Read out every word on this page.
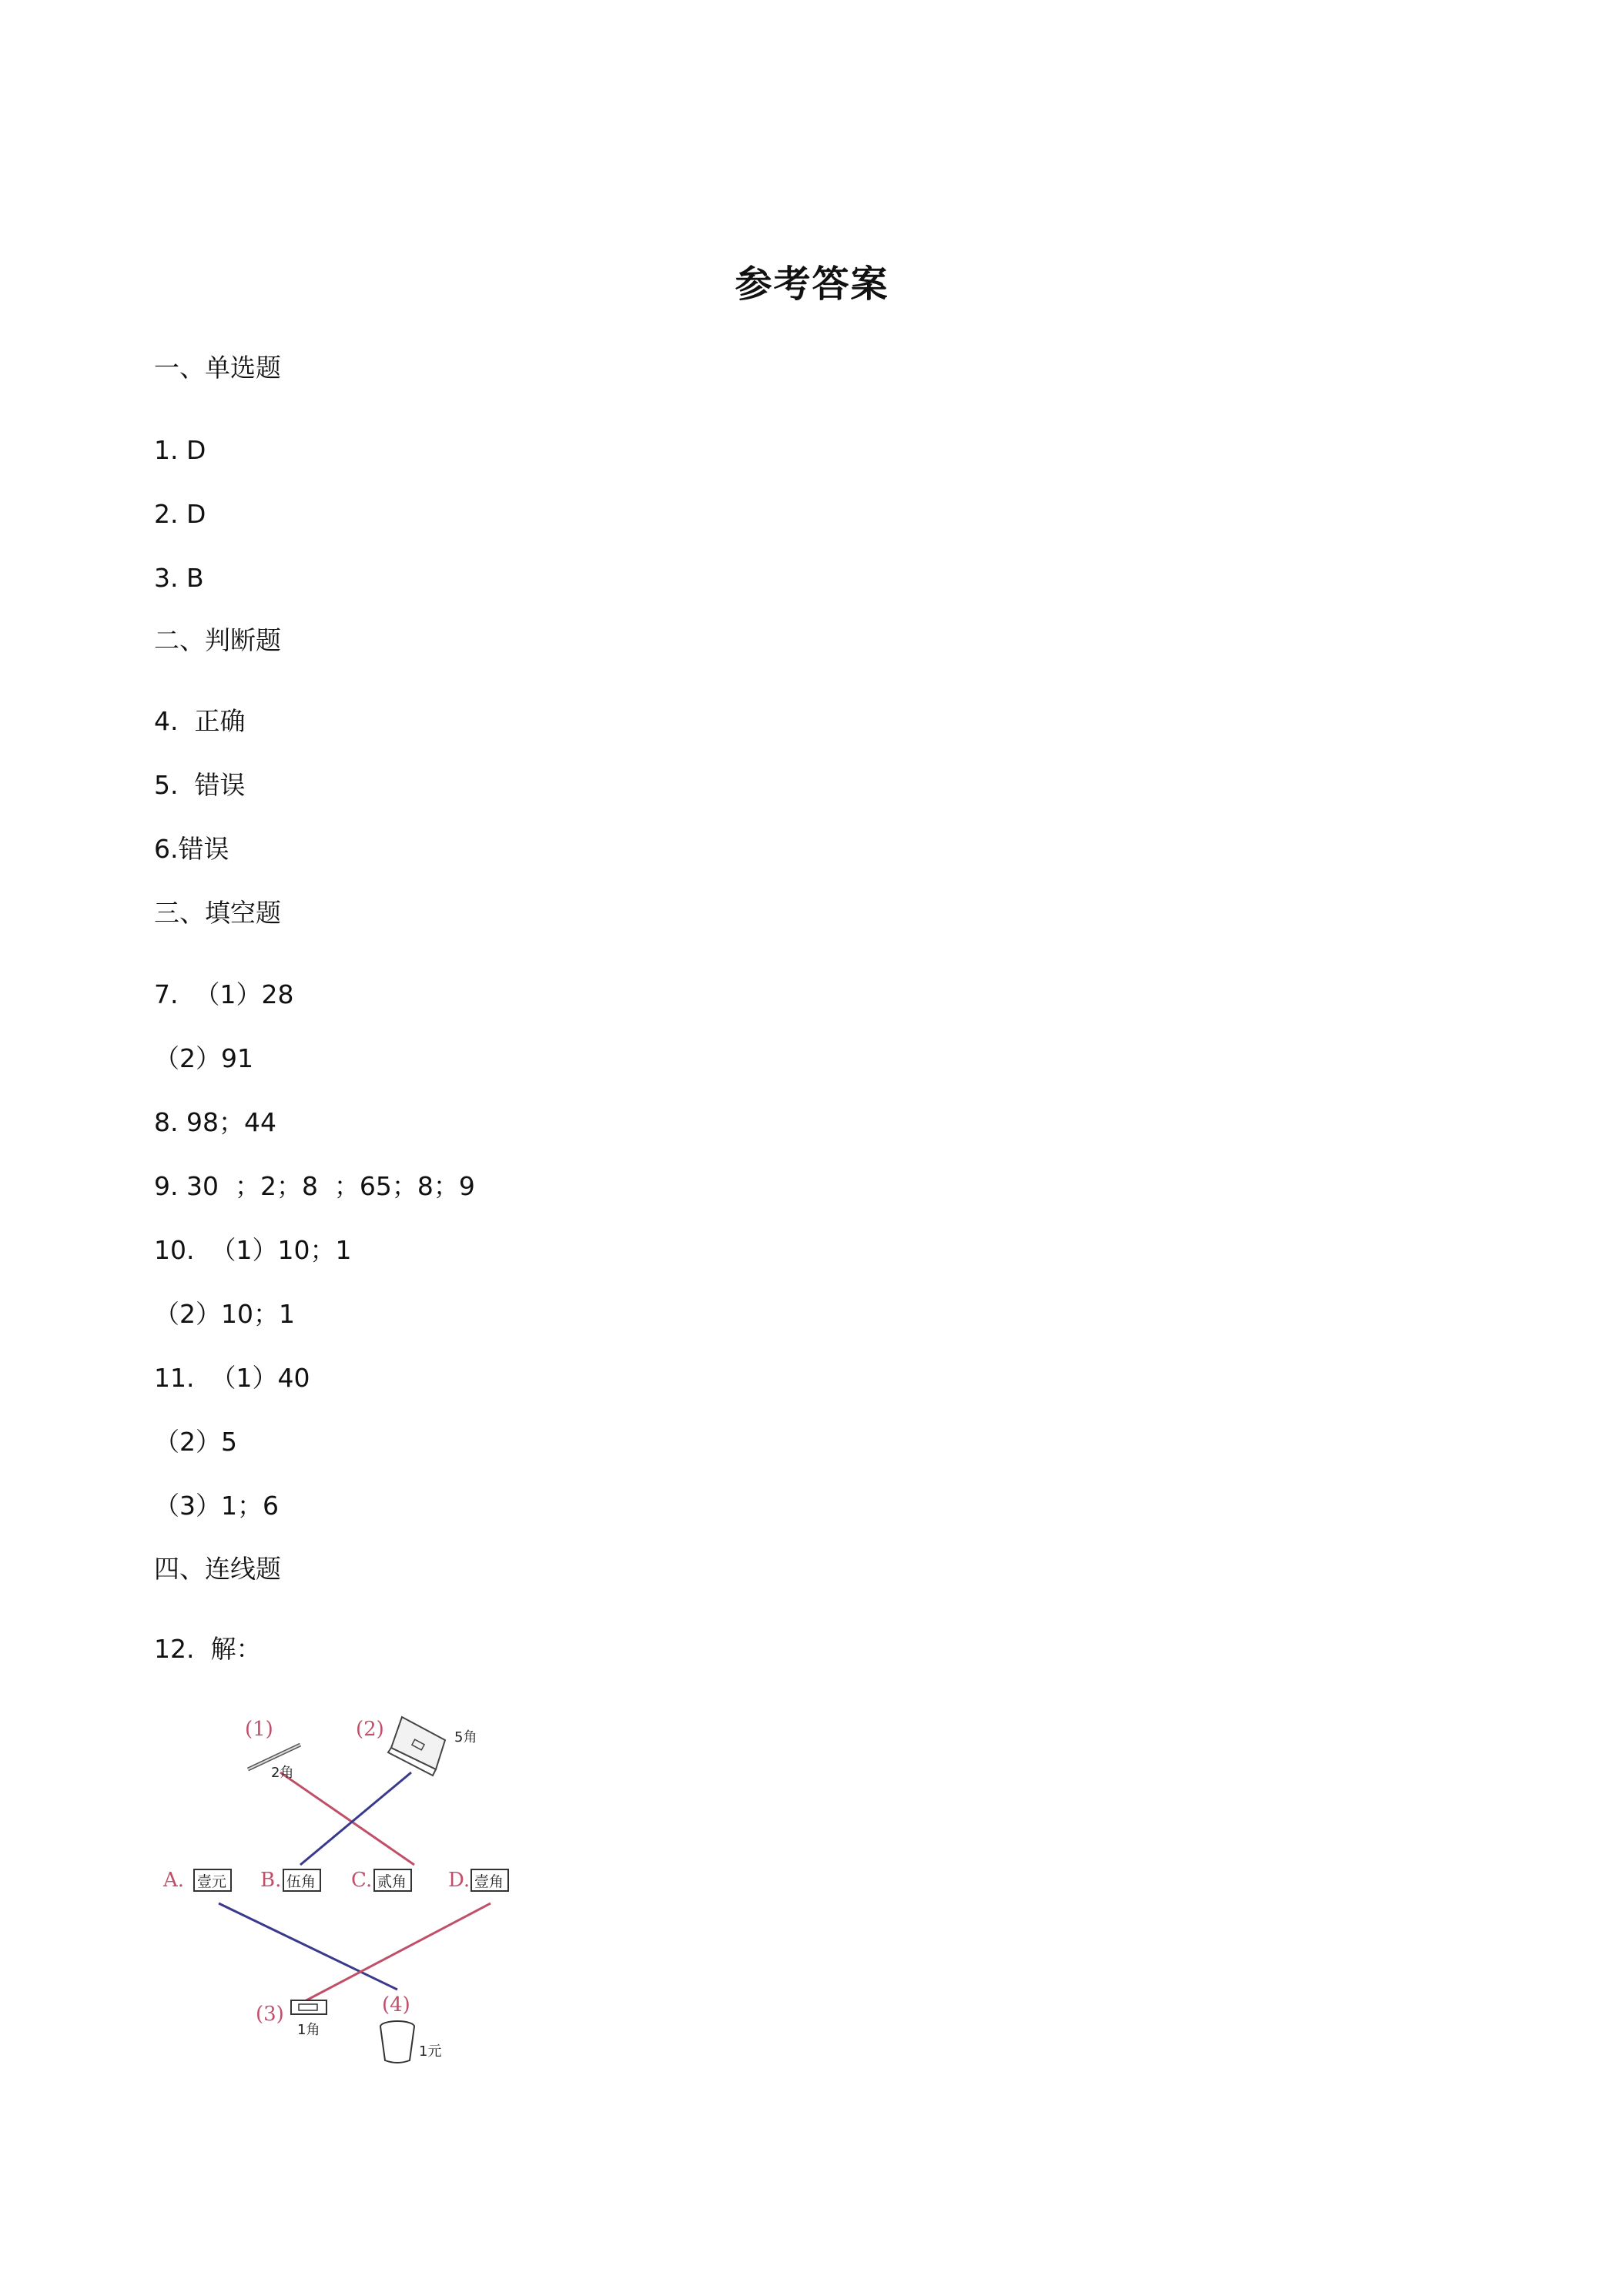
参考答案
一、单选题
1. D
2. D
3. B
二、判断题
4.  正确
5.  错误
6.错误
三、填空题
7.  （1）28
（2）91
8. 98；44
9. 30  ；2；8  ；65；8；9
10.  （1）10；1
（2）10；1
11.  （1）40
（2）5
（3）1；6
四、连线题
12.  解：
(1)
2角
(2)	5角
A. 壹元 B. 伍角 C. 贰角 D. 壹角
(3)
1角
(4)
1元
